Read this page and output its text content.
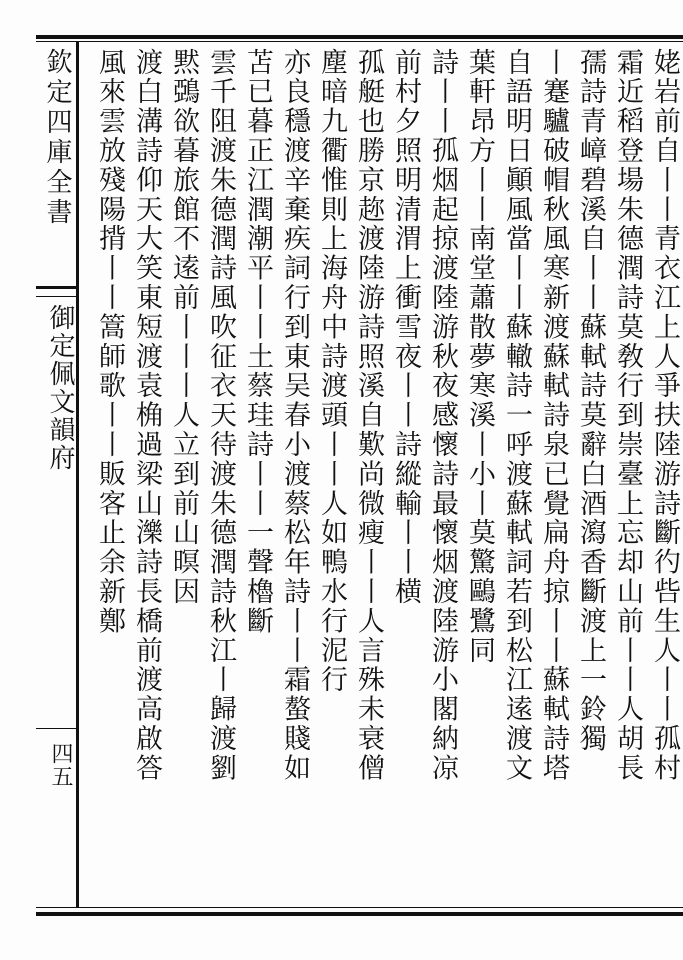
欽定四庫全書
御定佩文韻府
四五	姥岩前自丨丨青衣江上人爭扶陸游詩斷彴呰生人丨丨孤村
霜近稻登場朱德潤詩莫敎行到崇臺上忘却山前丨丨人胡長
孺詩青嶂碧溪自丨丨蘇軾詩莫辭白酒瀉香斷渡上一鈴獨
丨蹇驢破帽秋風寒新渡蘇軾詩泉已覺扁舟掠丨丨蘇軾詩塔
自語明日顚風當丨丨蘇轍詩一呼渡蘇軾詞若到松江逺渡文
葉軒昂方丨丨南堂蕭散夢寒溪丨小丨莫驚鷗鷺同
詩丨丨孤烟起掠渡陸游秋夜感懷詩最懷烟渡陸游小閣納凉
前村夕照明清渭上衝雪夜丨丨詩縱輸丨丨横
孤艇也勝京趂渡陸游詩照溪自歎尚微瘦丨丨人言殊未衰僧
塵暗九衢惟則上海舟中詩渡頭丨丨人如鴨水行泥行
亦良穩渡辛棄疾詞行到東吴春小渡蔡松年詩丨丨霜螯賤如
苫已暮正江潤潮平丨丨土蔡珪詩丨丨一聲櫓斷
雲千阻渡朱德潤詩風吹征衣天待渡朱德潤詩秋江丨歸渡劉
黙鵶欲暮旅館不逺前丨丨丨人立到前山暝因
渡白溝詩仰天大笑東短渡袁桷過梁山濼詩長橋前渡高啟答
風來雲放殘陽揹丨丨篙師歌丨丨販客止余新鄭
